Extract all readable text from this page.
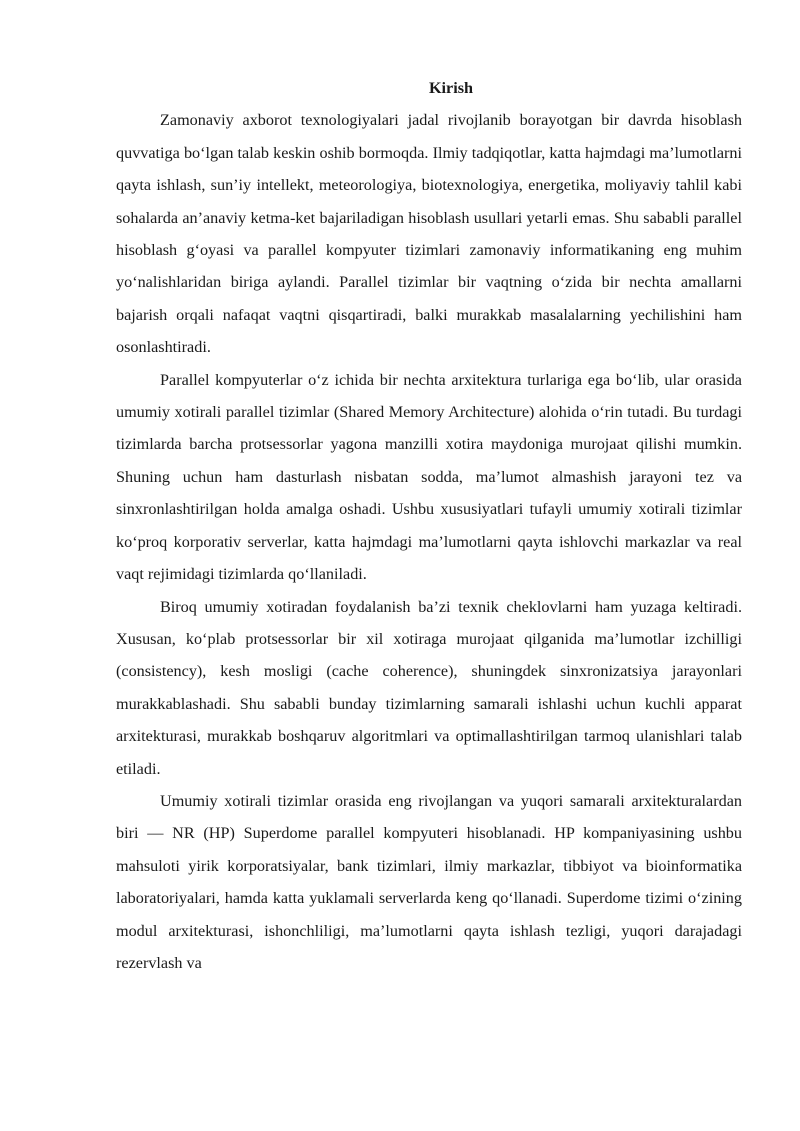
Kirish

Zamonaviy axborot texnologiyalari jadal rivojlanib borayotgan bir davrda hisoblash quvvatiga bo‘lgan talab keskin oshib bormoqda. Ilmiy tadqiqotlar, katta hajmdagi ma’lumotlarni qayta ishlash, sun’iy intellekt, meteorologiya, biotexnologiya, energetika, moliyaviy tahlil kabi sohalarda an’anaviy ketma-ket bajariladigan hisoblash usullari yetarli emas. Shu sababli parallel hisoblash g‘oyasi va parallel kompyuter tizimlari zamonaviy informatikaning eng muhim yo‘nalishlaridan biriga aylandi. Parallel tizimlar bir vaqtning o‘zida bir nechta amallarni bajarish orqali nafaqat vaqtni qisqartiradi, balki murakkab masalalarning yechilishini ham osonlashtiradi.

Parallel kompyuterlar o‘z ichida bir nechta arxitektura turlariga ega bo‘lib, ular orasida umumiy xotirali parallel tizimlar (Shared Memory Architecture) alohida o‘rin tutadi. Bu turdagi tizimlarda barcha protsessorlar yagona manzilli xotira maydoniga murojaat qilishi mumkin. Shuning uchun ham dasturlash nisbatan sodda, ma’lumot almashish jarayoni tez va sinxronlashtirilgan holda amalga oshadi. Ushbu xususiyatlari tufayli umumiy xotirali tizimlar ko‘proq korporativ serverlar, katta hajmdagi ma’lumotlarni qayta ishlovchi markazlar va real vaqt rejimidagi tizimlarda qo‘llaniladi.

Biroq umumiy xotiradan foydalanish ba’zi texnik cheklovlarni ham yuzaga keltiradi. Xususan, ko‘plab protsessorlar bir xil xotiraga murojaat qilganida ma’lumotlar izchilligi (consistency), kesh mosligi (cache coherence), shuningdek sinxronizatsiya jarayonlari murakkablashadi. Shu sababli bunday tizimlarning samarali ishlashi uchun kuchli apparat arxitekturasi, murakkab boshqaruv algoritmlari va optimallashtirilgan tarmoq ulanishlari talab etiladi.

Umumiy xotirali tizimlar orasida eng rivojlangan va yuqori samarali arxitekturalardan biri — NR (HP) Superdome parallel kompyuteri hisoblanadi. HP kompaniyasining ushbu mahsuloti yirik korporatsiyalar, bank tizimlari, ilmiy markazlar, tibbiyot va bioinformatika laboratoriyalari, hamda katta yuklamali serverlarda keng qo‘llanadi. Superdome tizimi o‘zining modul arxitekturasi, ishonchliligi, ma’lumotlarni qayta ishlash tezligi, yuqori darajadagi rezervlash va
